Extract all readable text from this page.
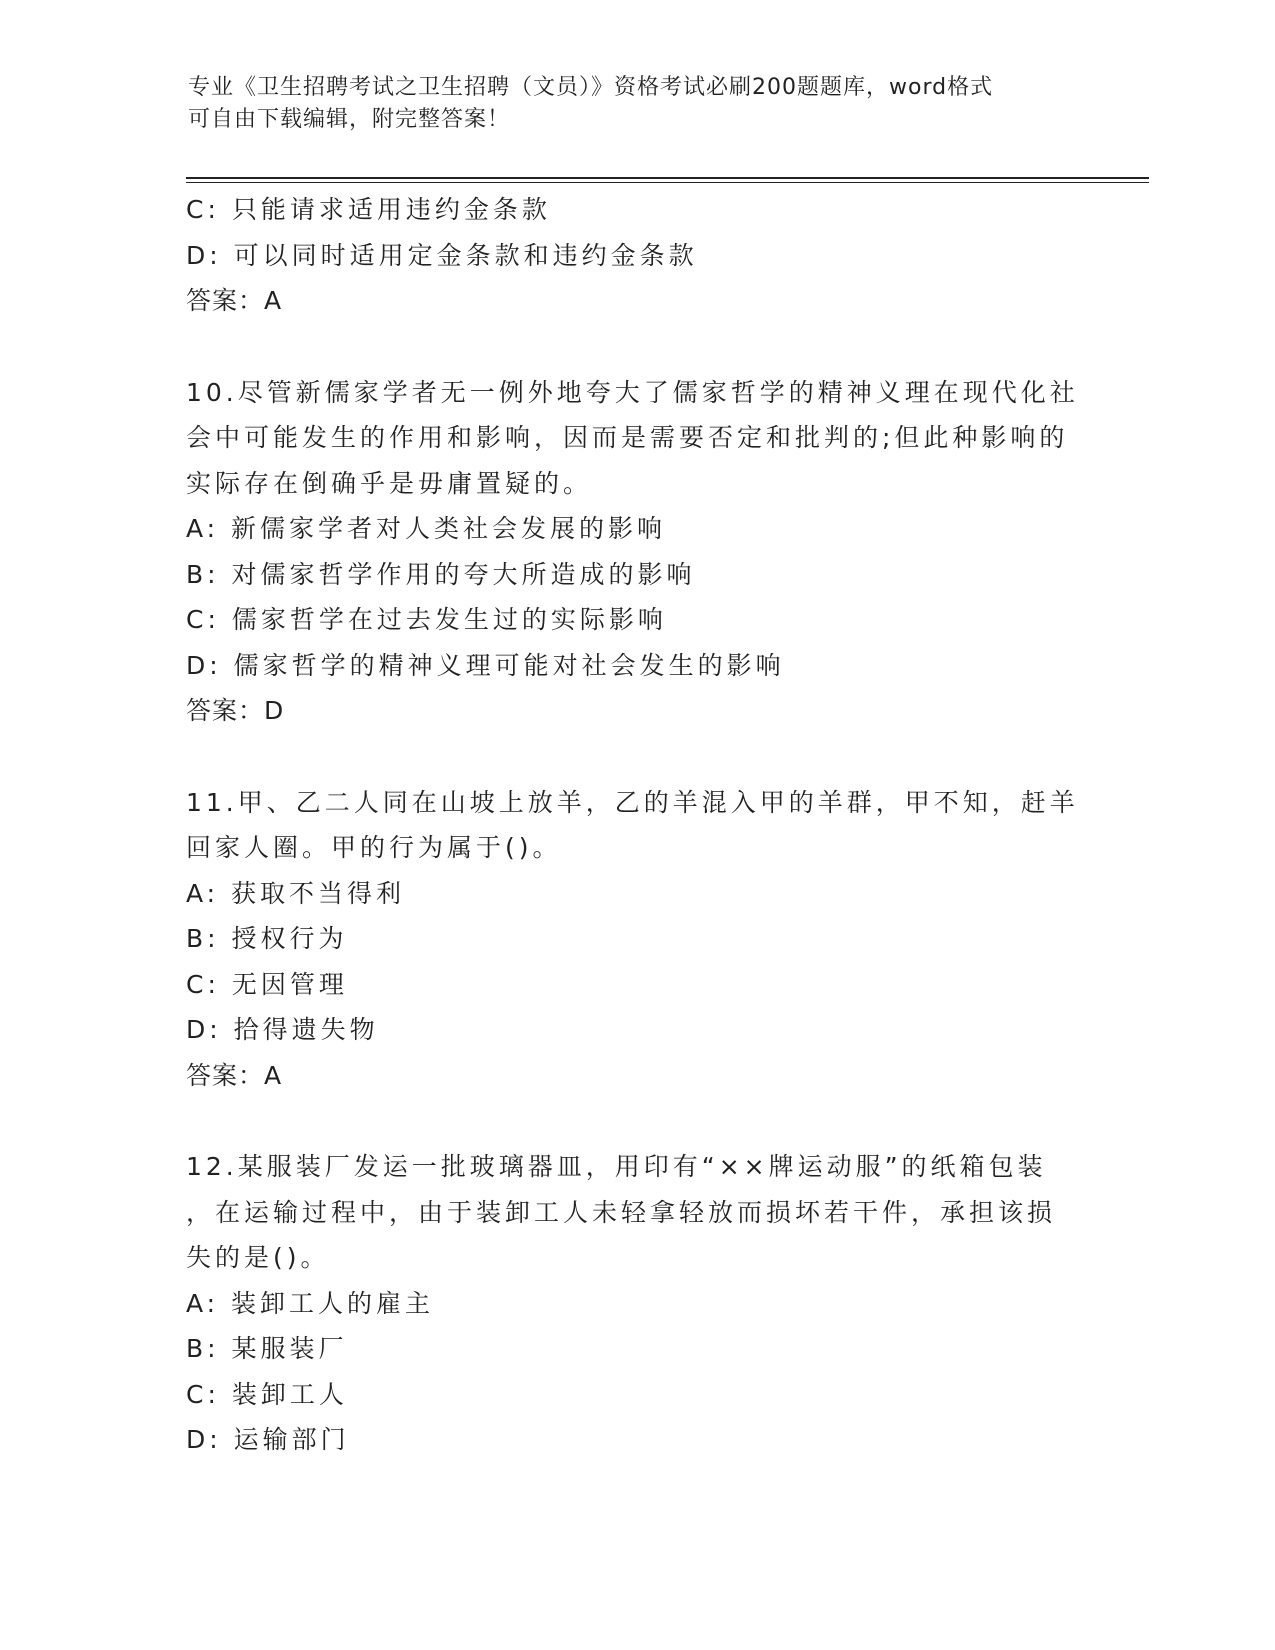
专业《卫生招聘考试之卫生招聘（文员）》资格考试必刷200题题库，word格式
可自由下载编辑，附完整答案！
C: 只能请求适用违约金条款
D: 可以同时适用定金条款和违约金条款
答案：A
10.尽管新儒家学者无一例外地夸大了儒家哲学的精神义理在现代化社
会中可能发生的作用和影响，因而是需要否定和批判的;但此种影响的
实际存在倒确乎是毋庸置疑的。
A: 新儒家学者对人类社会发展的影响
B: 对儒家哲学作用的夸大所造成的影响
C: 儒家哲学在过去发生过的实际影响
D: 儒家哲学的精神义理可能对社会发生的影响
答案：D
11.甲、乙二人同在山坡上放羊，乙的羊混入甲的羊群，甲不知，赶羊
回家人圈。甲的行为属于()。
A: 获取不当得利
B: 授权行为
C: 无因管理
D: 拾得遗失物
答案：A
12.某服装厂发运一批玻璃器皿，用印有“××牌运动服”的纸箱包装
，在运输过程中，由于装卸工人未轻拿轻放而损坏若干件，承担该损
失的是()。
A: 装卸工人的雇主
B: 某服装厂
C: 装卸工人
D: 运输部门
